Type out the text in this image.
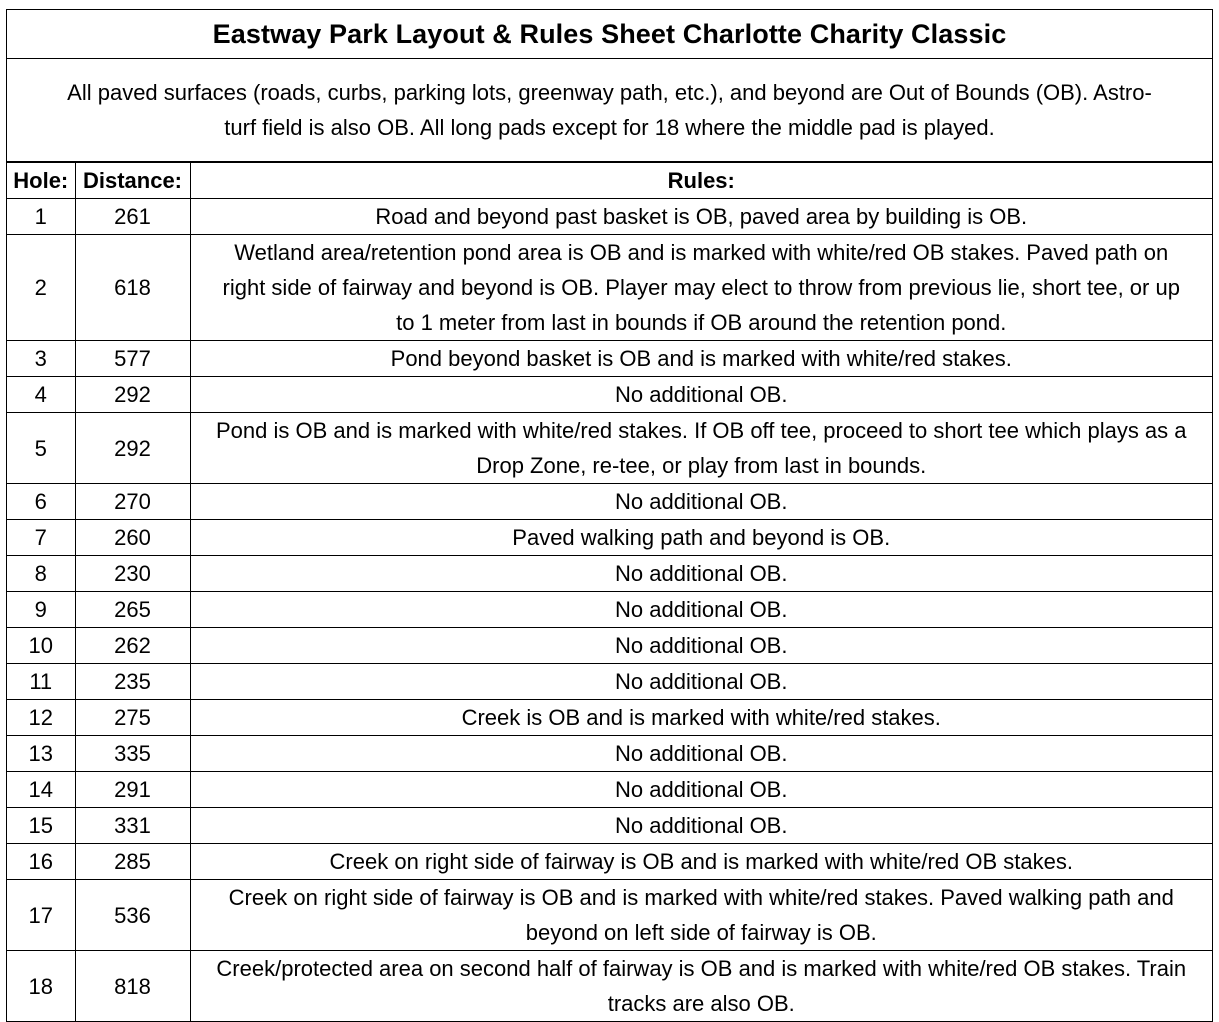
Eastway Park Layout & Rules Sheet Charlotte Charity Classic
All paved surfaces (roads, curbs, parking lots, greenway path, etc.), and beyond are Out of Bounds (OB). Astro-turf field is also OB. All long pads except for 18 where the middle pad is played.
Hole:	Distance:	Rules:
1	261	Road and beyond past basket is OB, paved area by building is OB.
2	618	Wetland area/retention pond area is OB and is marked with white/red OB stakes. Paved path on right side of fairway and beyond is OB. Player may elect to throw from previous lie, short tee, or up to 1 meter from last in bounds if OB around the retention pond.
3	577	Pond beyond basket is OB and is marked with white/red stakes.
4	292	No additional OB.
5	292	Pond is OB and is marked with white/red stakes. If OB off tee, proceed to short tee which plays as a Drop Zone, re-tee, or play from last in bounds.
6	270	No additional OB.
7	260	Paved walking path and beyond is OB.
8	230	No additional OB.
9	265	No additional OB.
10	262	No additional OB.
11	235	No additional OB.
12	275	Creek is OB and is marked with white/red stakes.
13	335	No additional OB.
14	291	No additional OB.
15	331	No additional OB.
16	285	Creek on right side of fairway is OB and is marked with white/red OB stakes.
17	536	Creek on right side of fairway is OB and is marked with white/red stakes. Paved walking path and beyond on left side of fairway is OB.
18	818	Creek/protected area on second half of fairway is OB and is marked with white/red OB stakes. Train tracks are also OB.
